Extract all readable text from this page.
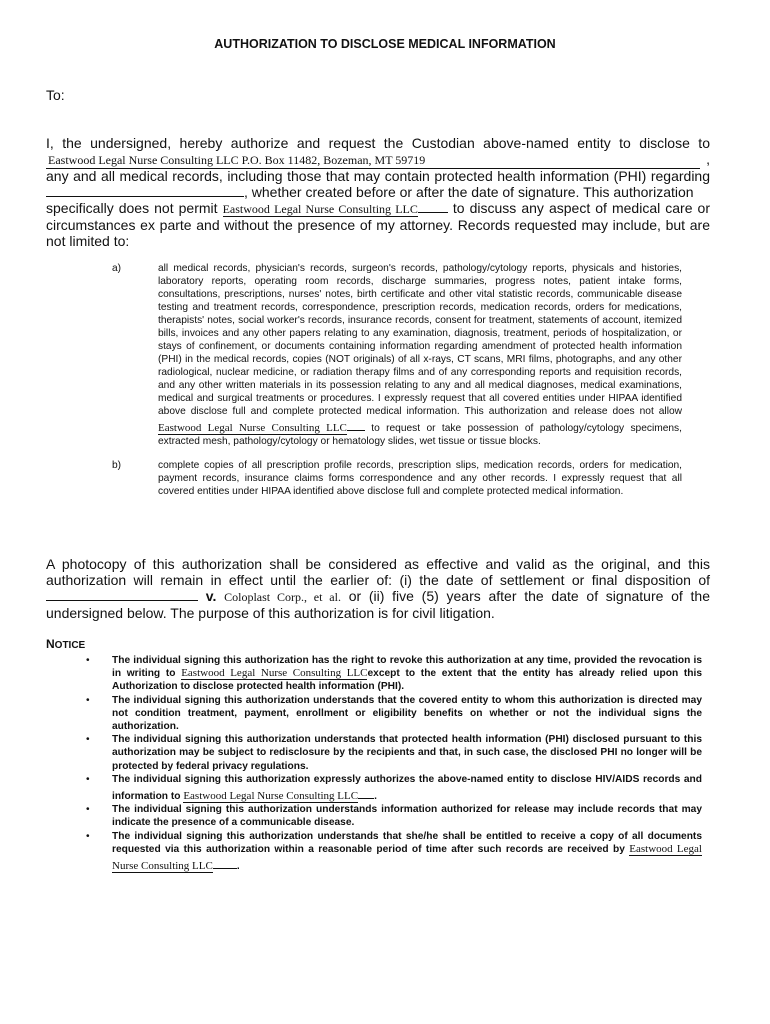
AUTHORIZATION TO DISCLOSE MEDICAL INFORMATION
To:
I, the undersigned, hereby authorize and request the Custodian above-named entity to disclose to
Eastwood Legal Nurse Consulting LLC P.O. Box 11482, Bozeman, MT 59719	,
any and all medical records, including those that may contain protected health information (PHI) regarding
, whether created before or after the date of signature. This authorization
specifically does not permit Eastwood Legal Nurse Consulting LLC	to discuss any aspect of medical care or circumstances ex parte and without the presence of my attorney. Records requested may include, but are not limited to:
a)	all medical records, physician's records, surgeon's records, pathology/cytology reports, physicals and histories, laboratory reports, operating room records, discharge summaries, progress notes, patient intake forms, consultations, prescriptions, nurses' notes, birth certificate and other vital statistic records, communicable disease testing and treatment records, correspondence, prescription records, medication records, orders for medications, therapists' notes, social worker's records, insurance records, consent for treatment, statements of account, itemized bills, invoices and any other papers relating to any examination, diagnosis, treatment, periods of hospitalization, or stays of confinement, or documents containing information regarding amendment of protected health information (PHI) in the medical records, copies (NOT originals) of all x-rays, CT scans, MRI films, photographs, and any other radiological, nuclear medicine, or radiation therapy films and of any corresponding reports and requisition records, and any other written materials in its possession relating to any and all medical diagnoses, medical examinations, medical and surgical treatments or procedures. I expressly request that all covered entities under HIPAA identified above disclose full and complete protected medical information. This authorization and release does not allow Eastwood Legal Nurse Consulting LLC to request or take possession of pathology/cytology specimens, extracted mesh, pathology/cytology or hematology slides, wet tissue or tissue blocks.
b)	complete copies of all prescription profile records, prescription slips, medication records, orders for medication, payment records, insurance claims forms correspondence and any other records. I expressly request that all covered entities under HIPAA identified above disclose full and complete protected medical information.
A photocopy of this authorization shall be considered as effective and valid as the original, and this authorization will remain in effect until the earlier of: (i) the date of settlement or final disposition of  v. Coloplast Corp., et al. or (ii) five (5) years after the date of signature of the undersigned below. The purpose of this authorization is for civil litigation.
NOTICE
• The individual signing this authorization has the right to revoke this authorization at any time, provided the revocation is in writing to Eastwood Legal Nurse Consulting LLCexcept to the extent that the entity has already relied upon this Authorization to disclose protected health information (PHI).
• The individual signing this authorization understands that the covered entity to whom this authorization is directed may not condition treatment, payment, enrollment or eligibility benefits on whether or not the individual signs the authorization.
• The individual signing this authorization understands that protected health information (PHI) disclosed pursuant to this authorization may be subject to redisclosure by the recipients and that, in such case, the disclosed PHI no longer will be protected by federal privacy regulations.
• The individual signing this authorization expressly authorizes the above-named entity to disclose HIV/AIDS records and information to Eastwood Legal Nurse Consulting LLC .
• The individual signing this authorization understands information authorized for release may include records that may indicate the presence of a communicable disease.
• The individual signing this authorization understands that she/he shall be entitled to receive a copy of all documents requested via this authorization within a reasonable period of time after such records are received by Eastwood Legal Nurse Consulting LLC .
